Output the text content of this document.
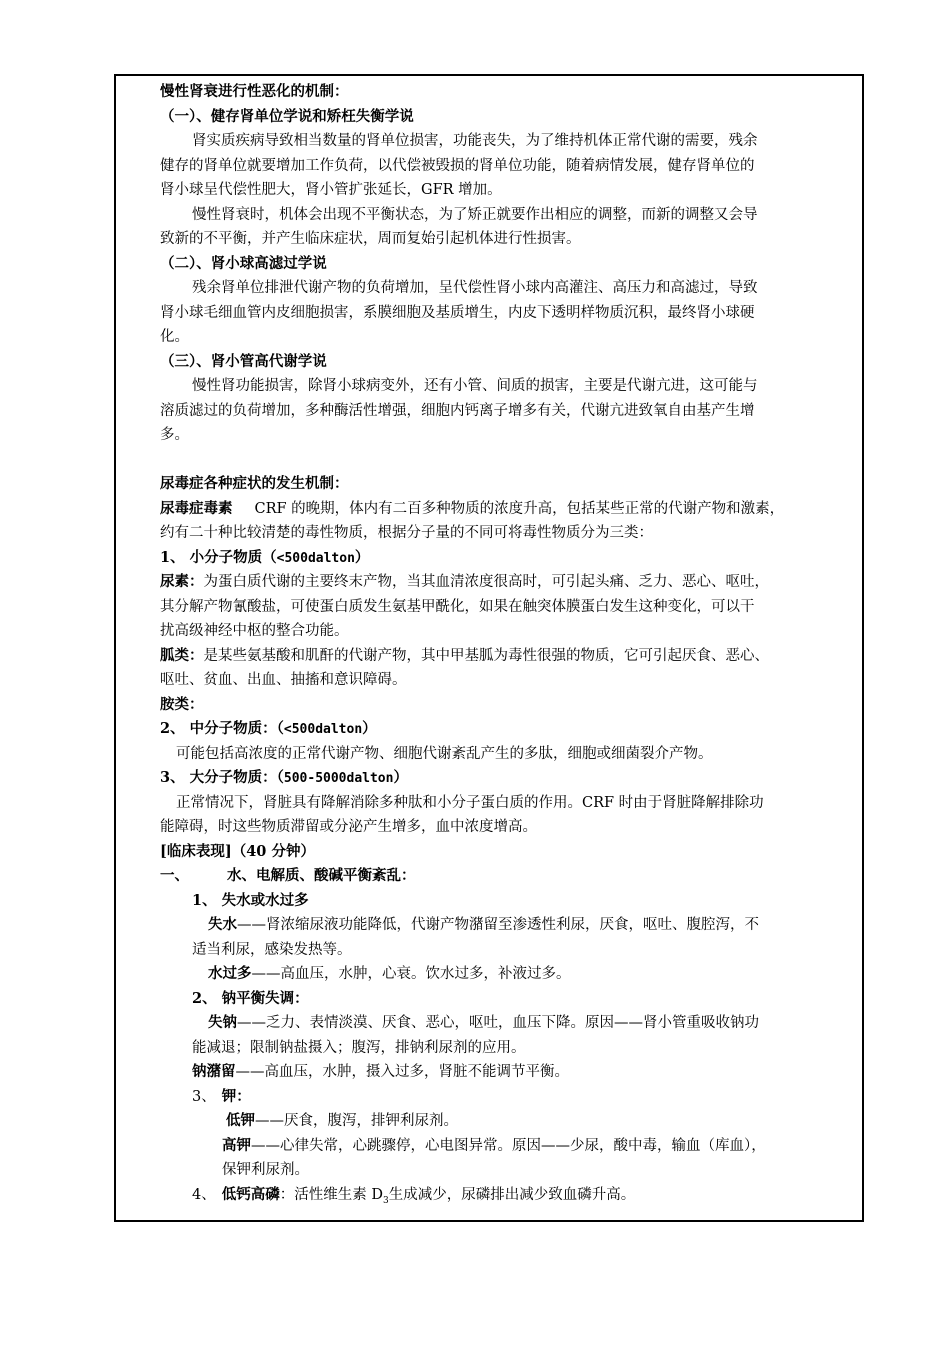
慢性肾衰进行性恶化的机制：
（一）、健存肾单位学说和矫枉失衡学说
肾实质疾病导致相当数量的肾单位损害，功能丧失，为了维持机体正常代谢的需要，残余
健存的肾单位就要增加工作负荷，以代偿被毁损的肾单位功能，随着病情发展，健存肾单位的
肾小球呈代偿性肥大，肾小管扩张延长，GFR 增加。
慢性肾衰时，机体会出现不平衡状态，为了矫正就要作出相应的调整，而新的调整又会导
致新的不平衡，并产生临床症状，周而复始引起机体进行性损害。
（二）、肾小球高滤过学说
残余肾单位排泄代谢产物的负荷增加，呈代偿性肾小球内高灌注、高压力和高滤过，导致
肾小球毛细血管内皮细胞损害，系膜细胞及基质增生，内皮下透明样物质沉积，最终肾小球硬
化。
（三）、肾小管高代谢学说
慢性肾功能损害，除肾小球病变外，还有小管、间质的损害，主要是代谢亢进，这可能与
溶质滤过的负荷增加，多种酶活性增强，细胞内钙离子增多有关，代谢亢进致氧自由基产生增
多。
尿毒症各种症状的发生机制：
尿毒症毒素 CRF 的晚期，体内有二百多种物质的浓度升高，包括某些正常的代谢产物和激素，
约有二十种比较清楚的毒性物质，根据分子量的不同可将毒性物质分为三类：
1、 小分子物质（<500dalton）
尿素：为蛋白质代谢的主要终末产物，当其血清浓度很高时，可引起头痛、乏力、恶心、呕吐，
其分解产物氰酸盐，可使蛋白质发生氨基甲酰化，如果在触突体膜蛋白发生这种变化，可以干
扰高级神经中枢的整合功能。
胍类：是某些氨基酸和肌酐的代谢产物，其中甲基胍为毒性很强的物质，它可引起厌食、恶心、
呕吐、贫血、出血、抽搐和意识障碍。
胺类：
2、 中分子物质：（<500dalton）
可能包括高浓度的正常代谢产物、细胞代谢紊乱产生的多肽，细胞或细菌裂介产物。
3、 大分子物质：（500-5000dalton）
正常情况下，肾脏具有降解消除多种肽和小分子蛋白质的作用。CRF 时由于肾脏降解排除功
能障碍，时这些物质滞留或分泌产生增多，血中浓度增高。
[临床表现]（40 分钟）
一、	水、电解质、酸碱平衡紊乱：
1、 失水或水过多
失水——肾浓缩尿液功能降低，代谢产物潴留至渗透性利尿，厌食，呕吐、腹腔泻，不
适当利尿，感染发热等。
水过多——高血压，水肿，心衰。饮水过多，补液过多。
2、 钠平衡失调：
失钠——乏力、表情淡漠、厌食、恶心，呕吐，血压下降。原因——肾小管重吸收钠功
能减退；限制钠盐摄入；腹泻，排钠利尿剂的应用。
钠潴留——高血压，水肿，摄入过多，肾脏不能调节平衡。
3、 钾：
低钾——厌食，腹泻，排钾利尿剂。
高钾——心律失常，心跳骤停，心电图异常。原因——少尿，酸中毒，输血（库血），
保钾利尿剂。
4、 低钙高磷：活性维生素 $D_3$生成减少，尿磷排出减少致血磷升高。
